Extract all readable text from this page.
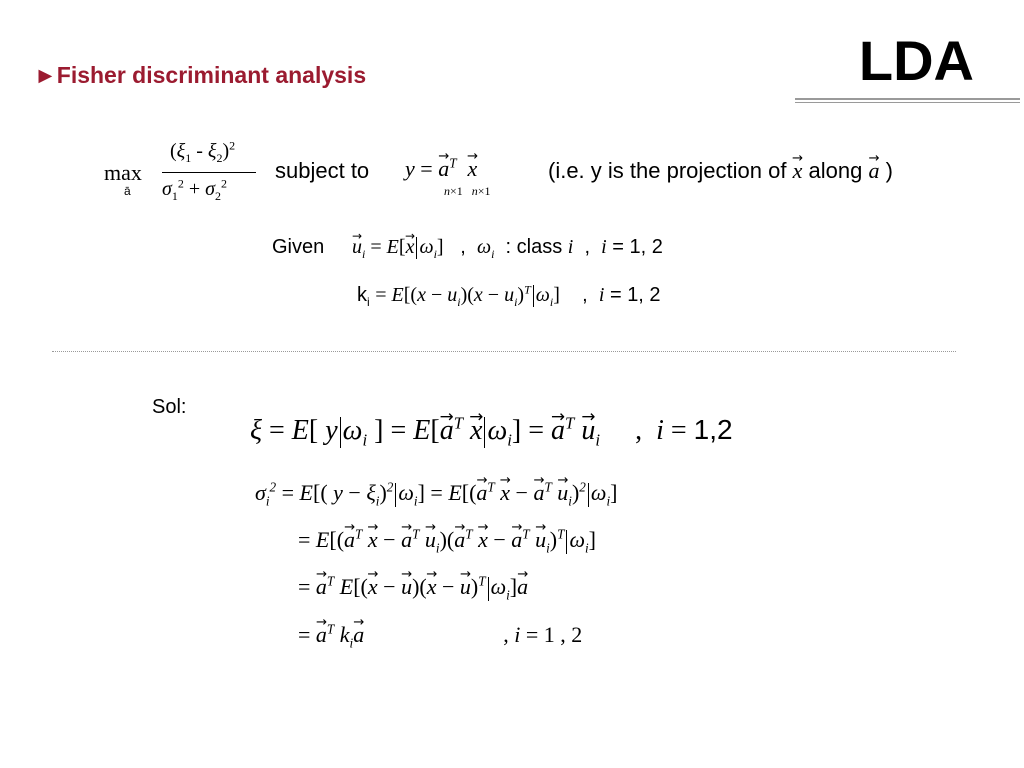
►Fisher discriminant analysis	LDA
max
ā
$(\xi_1 - \xi_2)^2$
$\sigma_1^2 + \sigma_2^2$
subject to y = → $a^T \to x$
n×1   n×1
(i.e. y is the projection of → x along → a )
Given → $u_i = E[\to x$ $\omega_i$]   ,  $\omega_i$  : class i  ,  i = 1, 2
$k_i = E[(x - u_i)(x - u_i)^T$ $\omega_i$]    ,  i = 1, 2
Sol:
ξ = E[ y $\omega_i$ ] = $E[\to a^T \to x$ $\omega_i$] = → $a^T \to u_i$ ,  i = 1,2
$\sigma_i^2 = E$[( $y - \xi_i)^2$ $\omega_i] = E[(\to a^T \to x$ − → $a^T \to u_i)^2$ $\omega_i$]
= $E[(\to a^T \to x$ − → $a^T \to u_i)(\to a^T \to x$ − → $a^T \to u_i)^T$ $\omega_i$]
= → $a^T$ E[(→ x − → u)(→ x − → u)$^T$ $\omega_i]\to a$
= → $a^T$ $k_i\to a$	, i = 1 , 2
